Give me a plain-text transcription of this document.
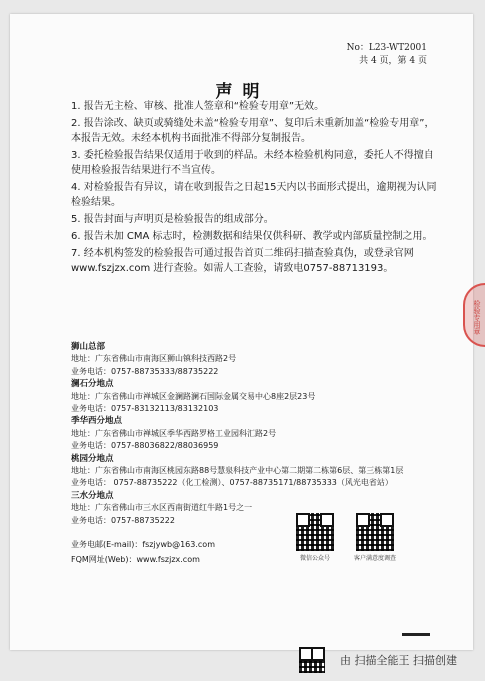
No：L23-WT2001
共 4 页，第 4 页
声明

1. 报告无主检、审核、批准人签章和“检验专用章”无效。

2. 报告涂改、缺页或骑缝处未盖“检验专用章”、复印后未重新加盖“检验专用章”，本报告无效。未经本机构书面批准不得部分复制报告。

3. 委托检验报告结果仅适用于收到的样品。未经本检验机构同意，委托人不得擅自使用检验报告结果进行不当宣传。

4. 对检验报告有异议，请在收到报告之日起15天内以书面形式提出，逾期视为认同检验结果。

5. 报告封面与声明页是检验报告的组成部分。

6. 报告未加 CMA 标志时，检测数据和结果仅供科研、教学或内部质量控制之用。

7. 经本机构签发的检验报告可通过报告首页二维码扫描查验真伪，或登录官网 www.fszjzx.com 进行查验。如需人工查验，请致电0757-88713193。

狮山总部
地址：广东省佛山市南海区狮山镇科技西路2号
业务电话：0757-88735333/88735222
澜石分地点
地址：广东省佛山市禅城区金澜路澜石国际金属交易中心8座2层23号
业务电话：0757-83132113/83132103
季华西分地点
地址：广东省佛山市禅城区季华西路罗格工业园科汇路2号
业务电话：0757-88036822/88036959
桃园分地点
地址：广东省佛山市南海区桃园东路88号慧泉科技产业中心第二期第二栋第6层、第三栋第1层
业务电话： 0757-88735222（化工检测）、0757-88735171/88735333（风光电省站）
三水分地点
地址：广东省佛山市三水区西南街道红牛路1号之一
业务电话：0757-88735222
业务电邮(E-mail)：fszjywb@163.com
FQM网址(Web)：www.fszjzx.com	微信公众号	客户满意度调查
检验专用章
由 扫描全能王 扫描创建
